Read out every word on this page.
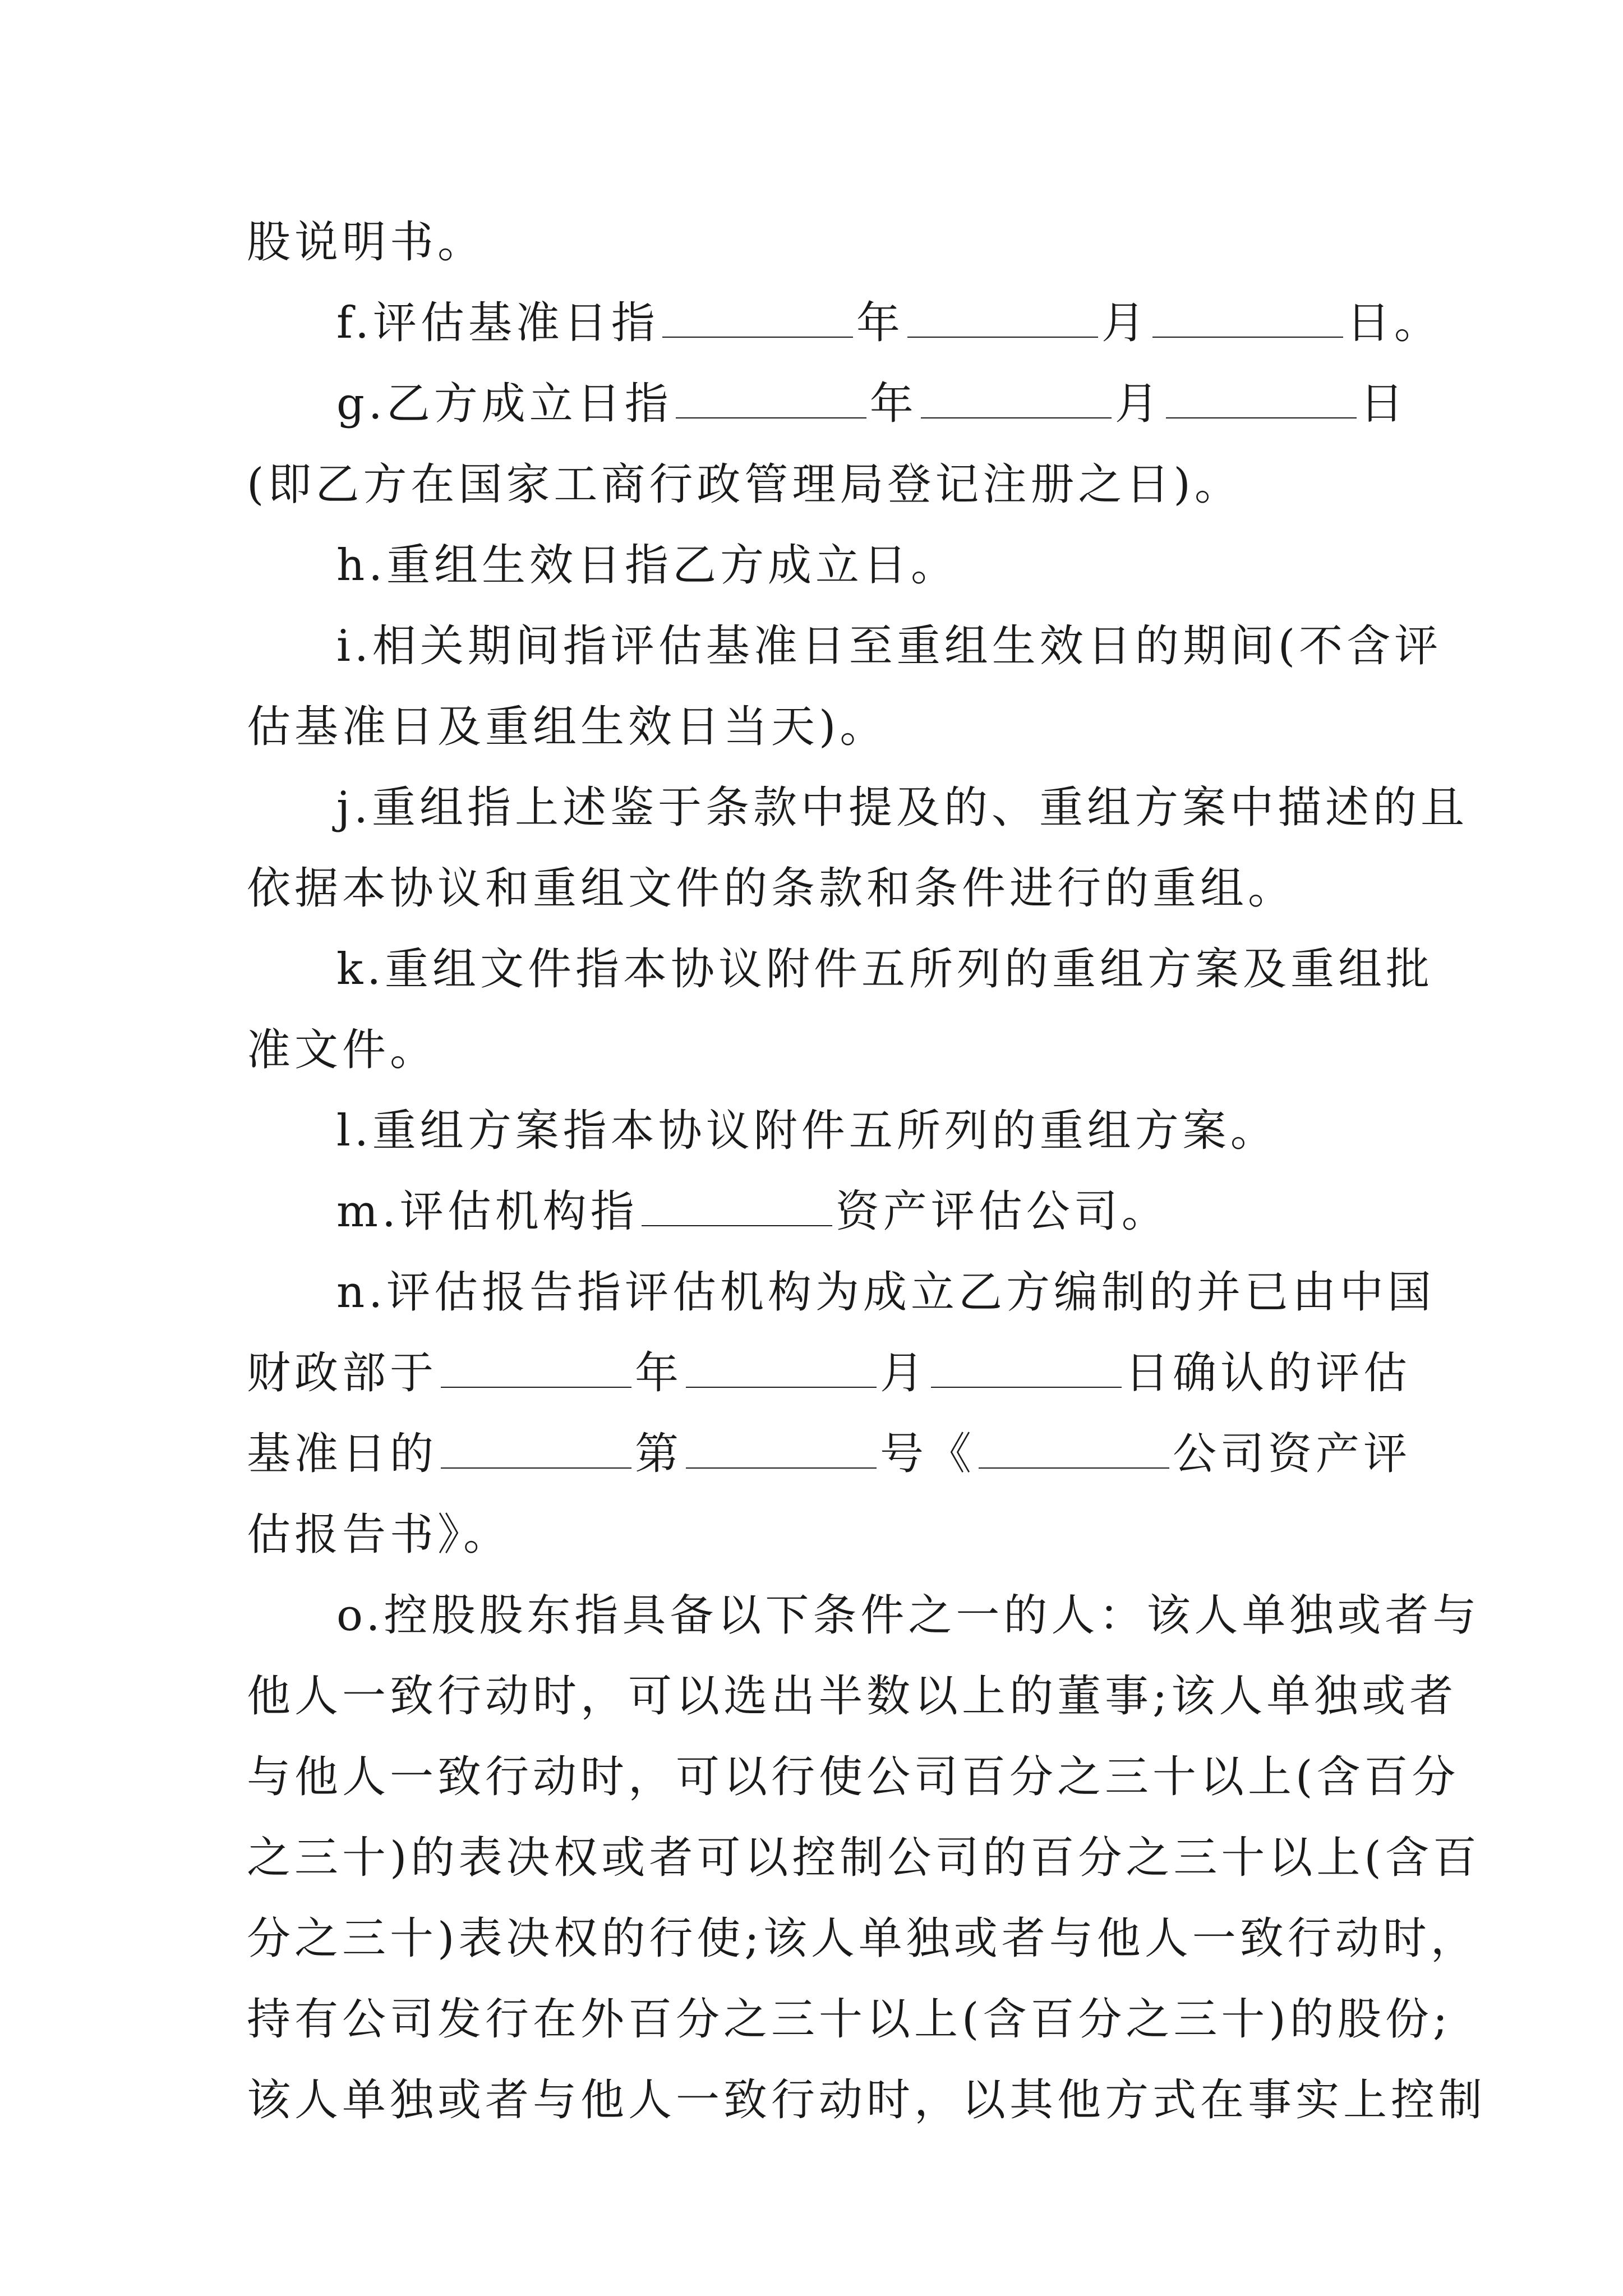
股说明书。
f.评估基准日指	年	月	日。
g.乙方成立日指	年	月	日
(即乙方在国家工商行政管理局登记注册之日)。
h.重组生效日指乙方成立日。
i.相关期间指评估基准日至重组生效日的期间(不含评
估基准日及重组生效日当天)。
j.重组指上述鉴于条款中提及的、重组方案中描述的且
依据本协议和重组文件的条款和条件进行的重组。
k.重组文件指本协议附件五所列的重组方案及重组批
准文件。
l.重组方案指本协议附件五所列的重组方案。
m.评估机构指	资产评估公司。
n.评估报告指评估机构为成立乙方编制的并已由中国
财政部于	年	月	日确认的评估
基准日的	第	号《	公司资产评
估报告书》。
o.控股股东指具备以下条件之一的人：该人单独或者与
他人一致行动时，可以选出半数以上的董事;该人单独或者
与他人一致行动时，可以行使公司百分之三十以上(含百分
之三十)的表决权或者可以控制公司的百分之三十以上(含百
分之三十)表决权的行使;该人单独或者与他人一致行动时，
持有公司发行在外百分之三十以上(含百分之三十)的股份;
该人单独或者与他人一致行动时，以其他方式在事实上控制
